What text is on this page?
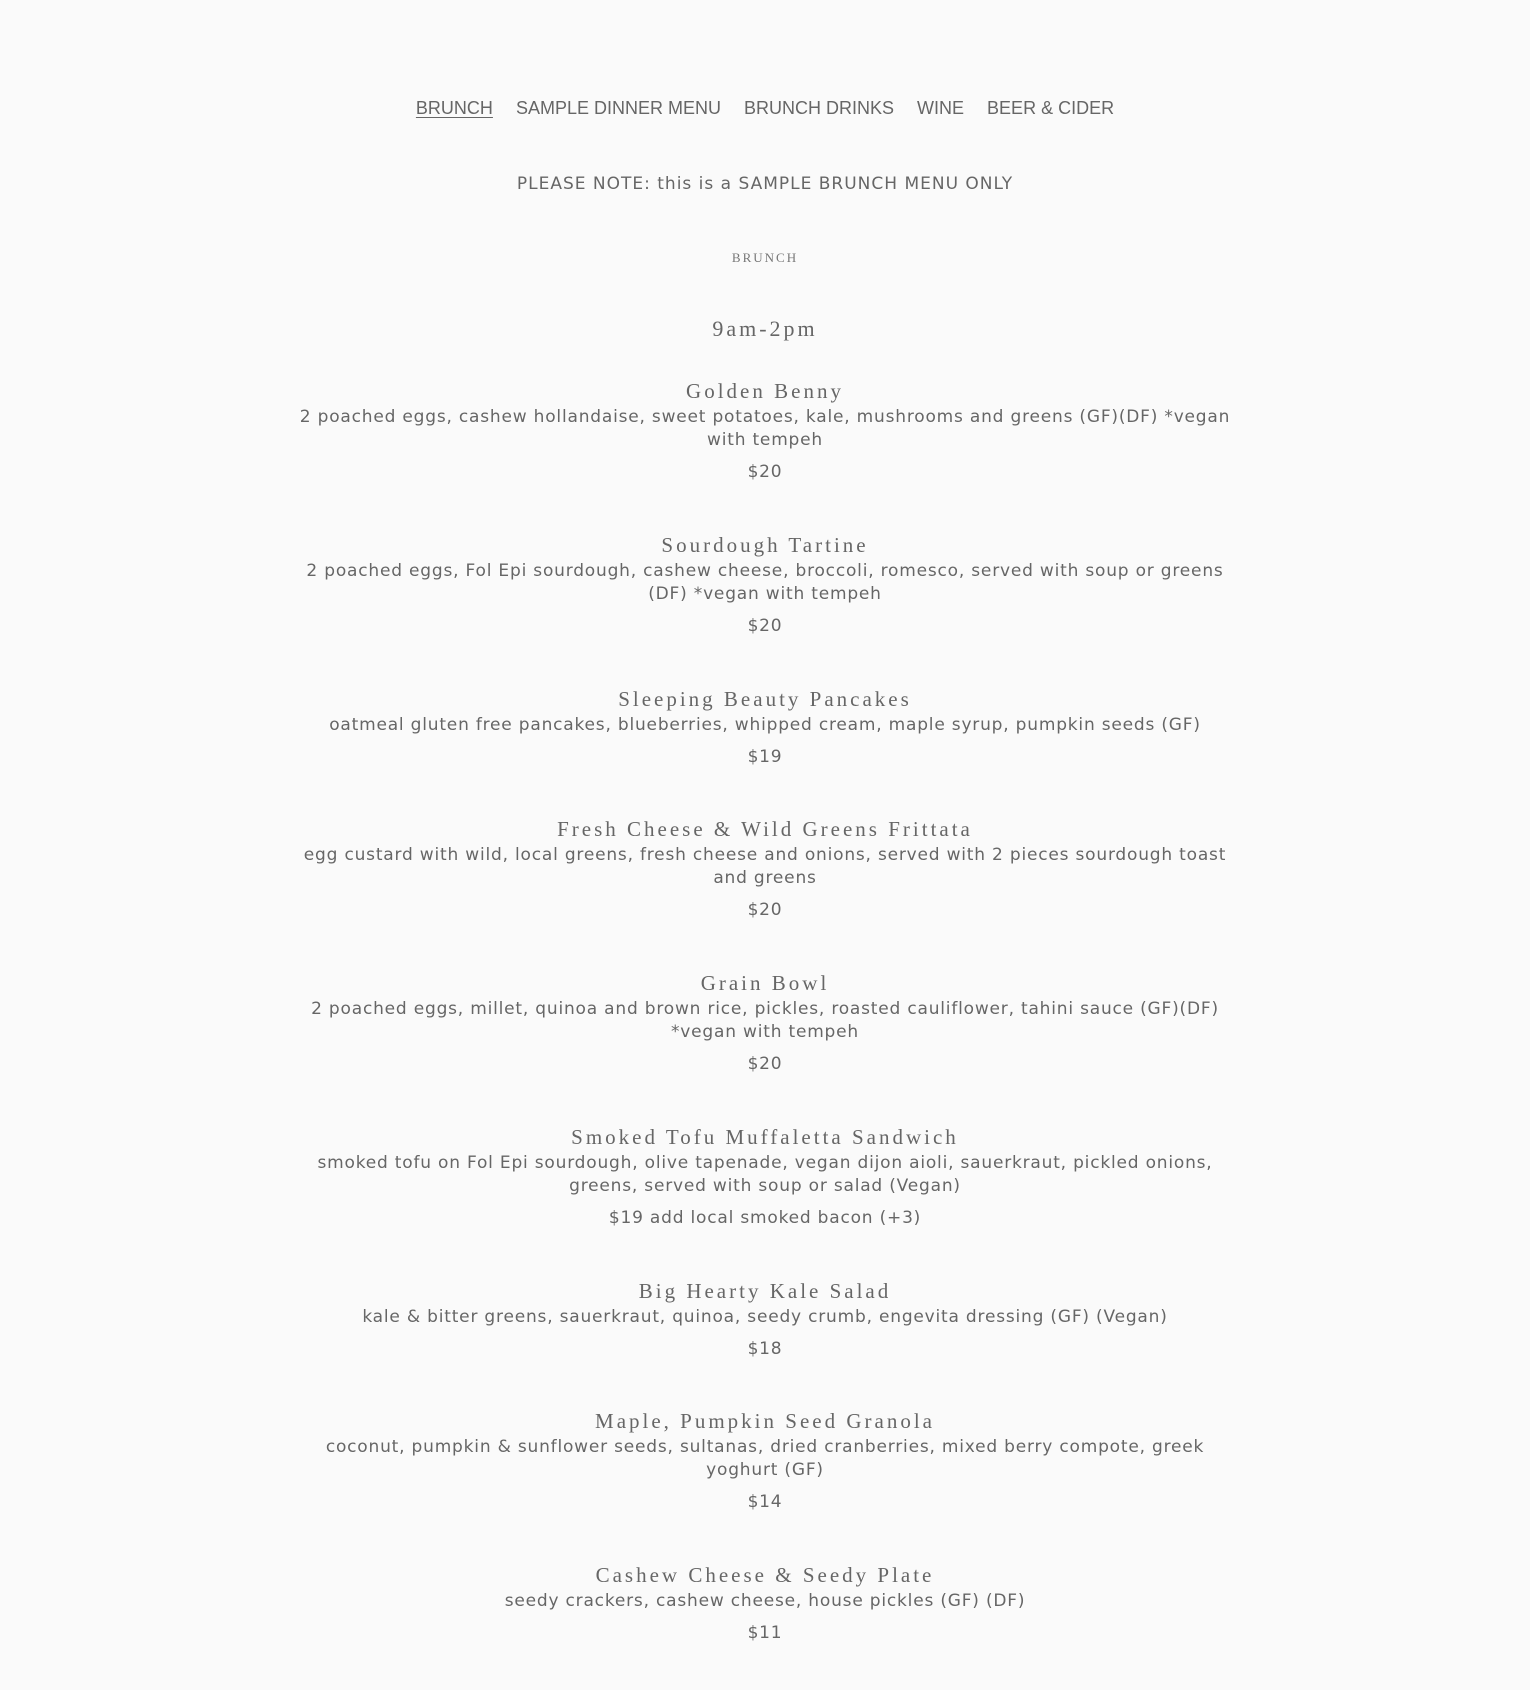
BRUNCH SAMPLE DINNER MENU BRUNCH DRINKS WINE BEER & CIDER
PLEASE NOTE: this is a SAMPLE BRUNCH MENU ONLY
BRUNCH
9am-2pm

Golden Benny

2 poached eggs, cashew hollandaise, sweet potatoes, kale, mushrooms and greens (GF)(DF) *vegan with tempeh

$20

Sourdough Tartine

2 poached eggs, Fol Epi sourdough, cashew cheese, broccoli, romesco, served with soup or greens (DF) *vegan with tempeh

$20

Sleeping Beauty Pancakes

oatmeal gluten free pancakes, blueberries, whipped cream, maple syrup, pumpkin seeds (GF)

$19

Fresh Cheese & Wild Greens Frittata

egg custard with wild, local greens, fresh cheese and onions, served with 2 pieces sourdough toast and greens

$20

Grain Bowl

2 poached eggs, millet, quinoa and brown rice, pickles, roasted cauliflower, tahini sauce (GF)(DF) *vegan with tempeh

$20

Smoked Tofu Muffaletta Sandwich

smoked tofu on Fol Epi sourdough, olive tapenade, vegan dijon aioli, sauerkraut, pickled onions, greens, served with soup or salad (Vegan)

$19 add local smoked bacon (+3)

Big Hearty Kale Salad

kale & bitter greens, sauerkraut, quinoa, seedy crumb, engevita dressing (GF) (Vegan)

$18

Maple, Pumpkin Seed Granola

coconut, pumpkin & sunflower seeds, sultanas, dried cranberries, mixed berry compote, greek yoghurt (GF)

$14

Cashew Cheese & Seedy Plate

seedy crackers, cashew cheese, house pickles (GF) (DF)

$11
